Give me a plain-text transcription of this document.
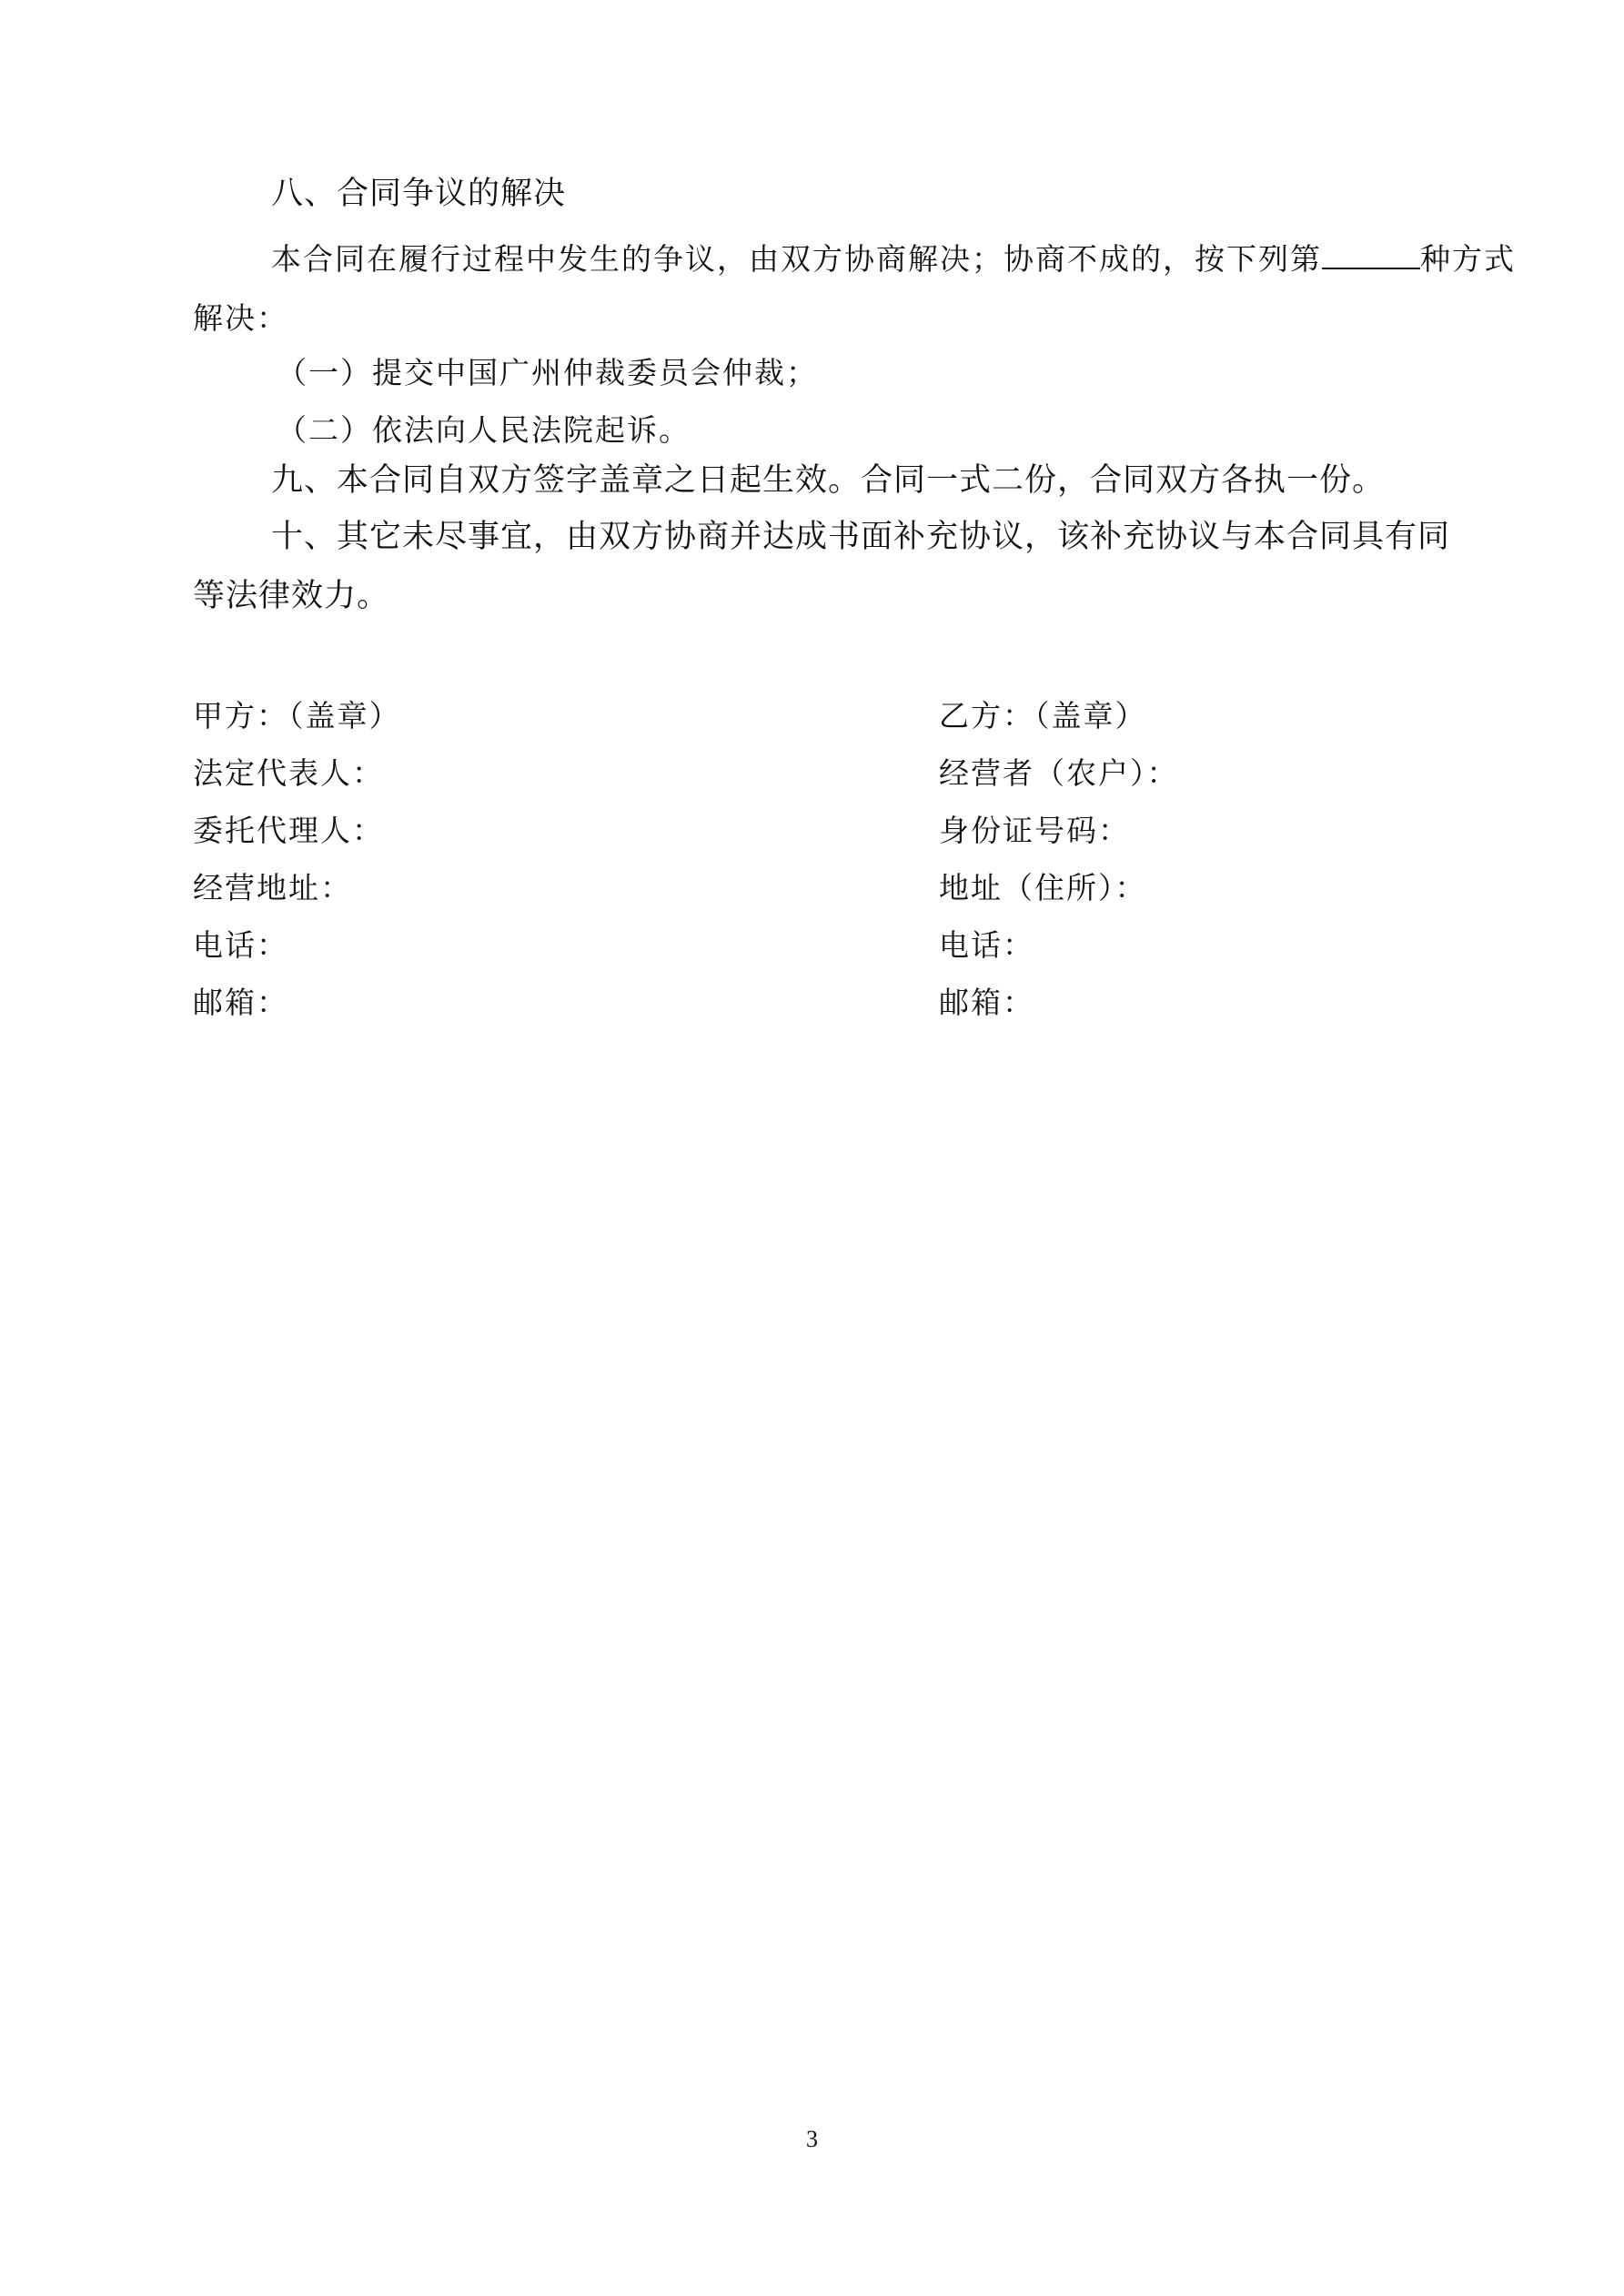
八、合同争议的解决
本合同在履行过程中发生的争议，由双方协商解决；协商不成的，按下列第	种方式
解决：
（一）提交中国广州仲裁委员会仲裁；
（二）依法向人民法院起诉。
九、本合同自双方签字盖章之日起生效。合同一式二份，合同双方各执一份。
十、其它未尽事宜，由双方协商并达成书面补充协议，该补充协议与本合同具有同
等法律效力。
甲方：（盖章）
法定代表人：
委托代理人：
经营地址：
电话：
邮箱：
乙方：（盖章）
经营者（农户）：
身份证号码：
地址（住所）：
电话：
邮箱：
3
